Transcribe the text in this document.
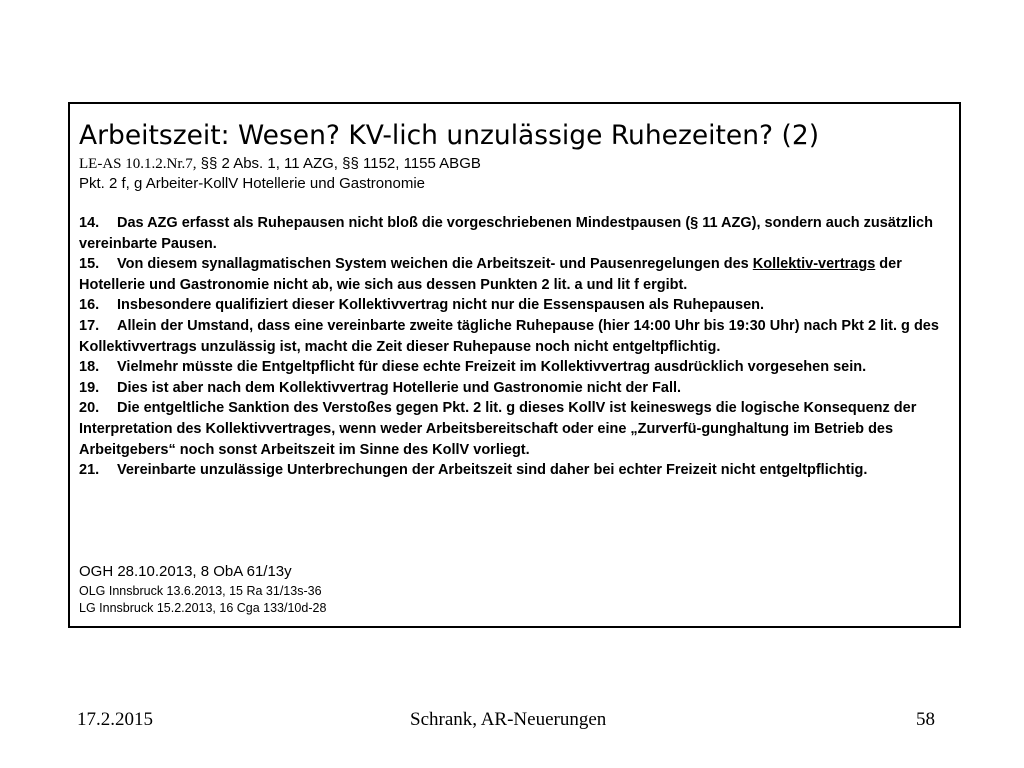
Arbeitszeit: Wesen? KV-lich unzulässige Ruhezeiten? (2)
LE-AS 10.1.2.Nr.7, §§ 2 Abs. 1, 11 AZG, §§ 1152, 1155 ABGB
Pkt. 2 f, g Arbeiter-KollV Hotellerie und Gastronomie

14. Das AZG erfasst als Ruhepausen nicht bloß die vorgeschriebenen Mindestpausen (§ 11 AZG), sondern auch zusätzlich vereinbarte Pausen.

15. Von diesem synallagmatischen System weichen die Arbeitszeit- und Pausenregelungen des Kollektiv-vertrags der Hotellerie und Gastronomie nicht ab, wie sich aus dessen Punkten 2 lit. a und lit f ergibt.

16. Insbesondere qualifiziert dieser Kollektivvertrag nicht nur die Essenspausen als Ruhepausen.

17. Allein der Umstand, dass eine vereinbarte zweite tägliche Ruhepause (hier 14:00 Uhr bis 19:30 Uhr) nach Pkt 2 lit. g des Kollektivvertrags unzulässig ist, macht die Zeit dieser Ruhepause noch nicht entgeltpflichtig.

18. Vielmehr müsste die Entgeltpflicht für diese echte Freizeit im Kollektivvertrag ausdrücklich vorgesehen sein.

19. Dies ist aber nach dem Kollektivvertrag Hotellerie und Gastronomie nicht der Fall.

20. Die entgeltliche Sanktion des Verstoßes gegen Pkt. 2 lit. g dieses KollV ist keineswegs die logische Konsequenz der Interpretation des Kollektivvertrages, wenn weder Arbeitsbereitschaft oder eine „Zurverfü-gunghaltung im Betrieb des Arbeitgebers“ noch sonst Arbeitszeit im Sinne des KollV vorliegt.

21. Vereinbarte unzulässige Unterbrechungen der Arbeitszeit sind daher bei echter Freizeit nicht entgeltpflichtig.

OGH 28.10.2013, 8 ObA 61/13y
OLG Innsbruck 13.6.2013, 15 Ra 31/13s-36
LG Innsbruck 15.2.2013, 16 Cga 133/10d-28
17.2.2015	Schrank, AR-Neuerungen	58
